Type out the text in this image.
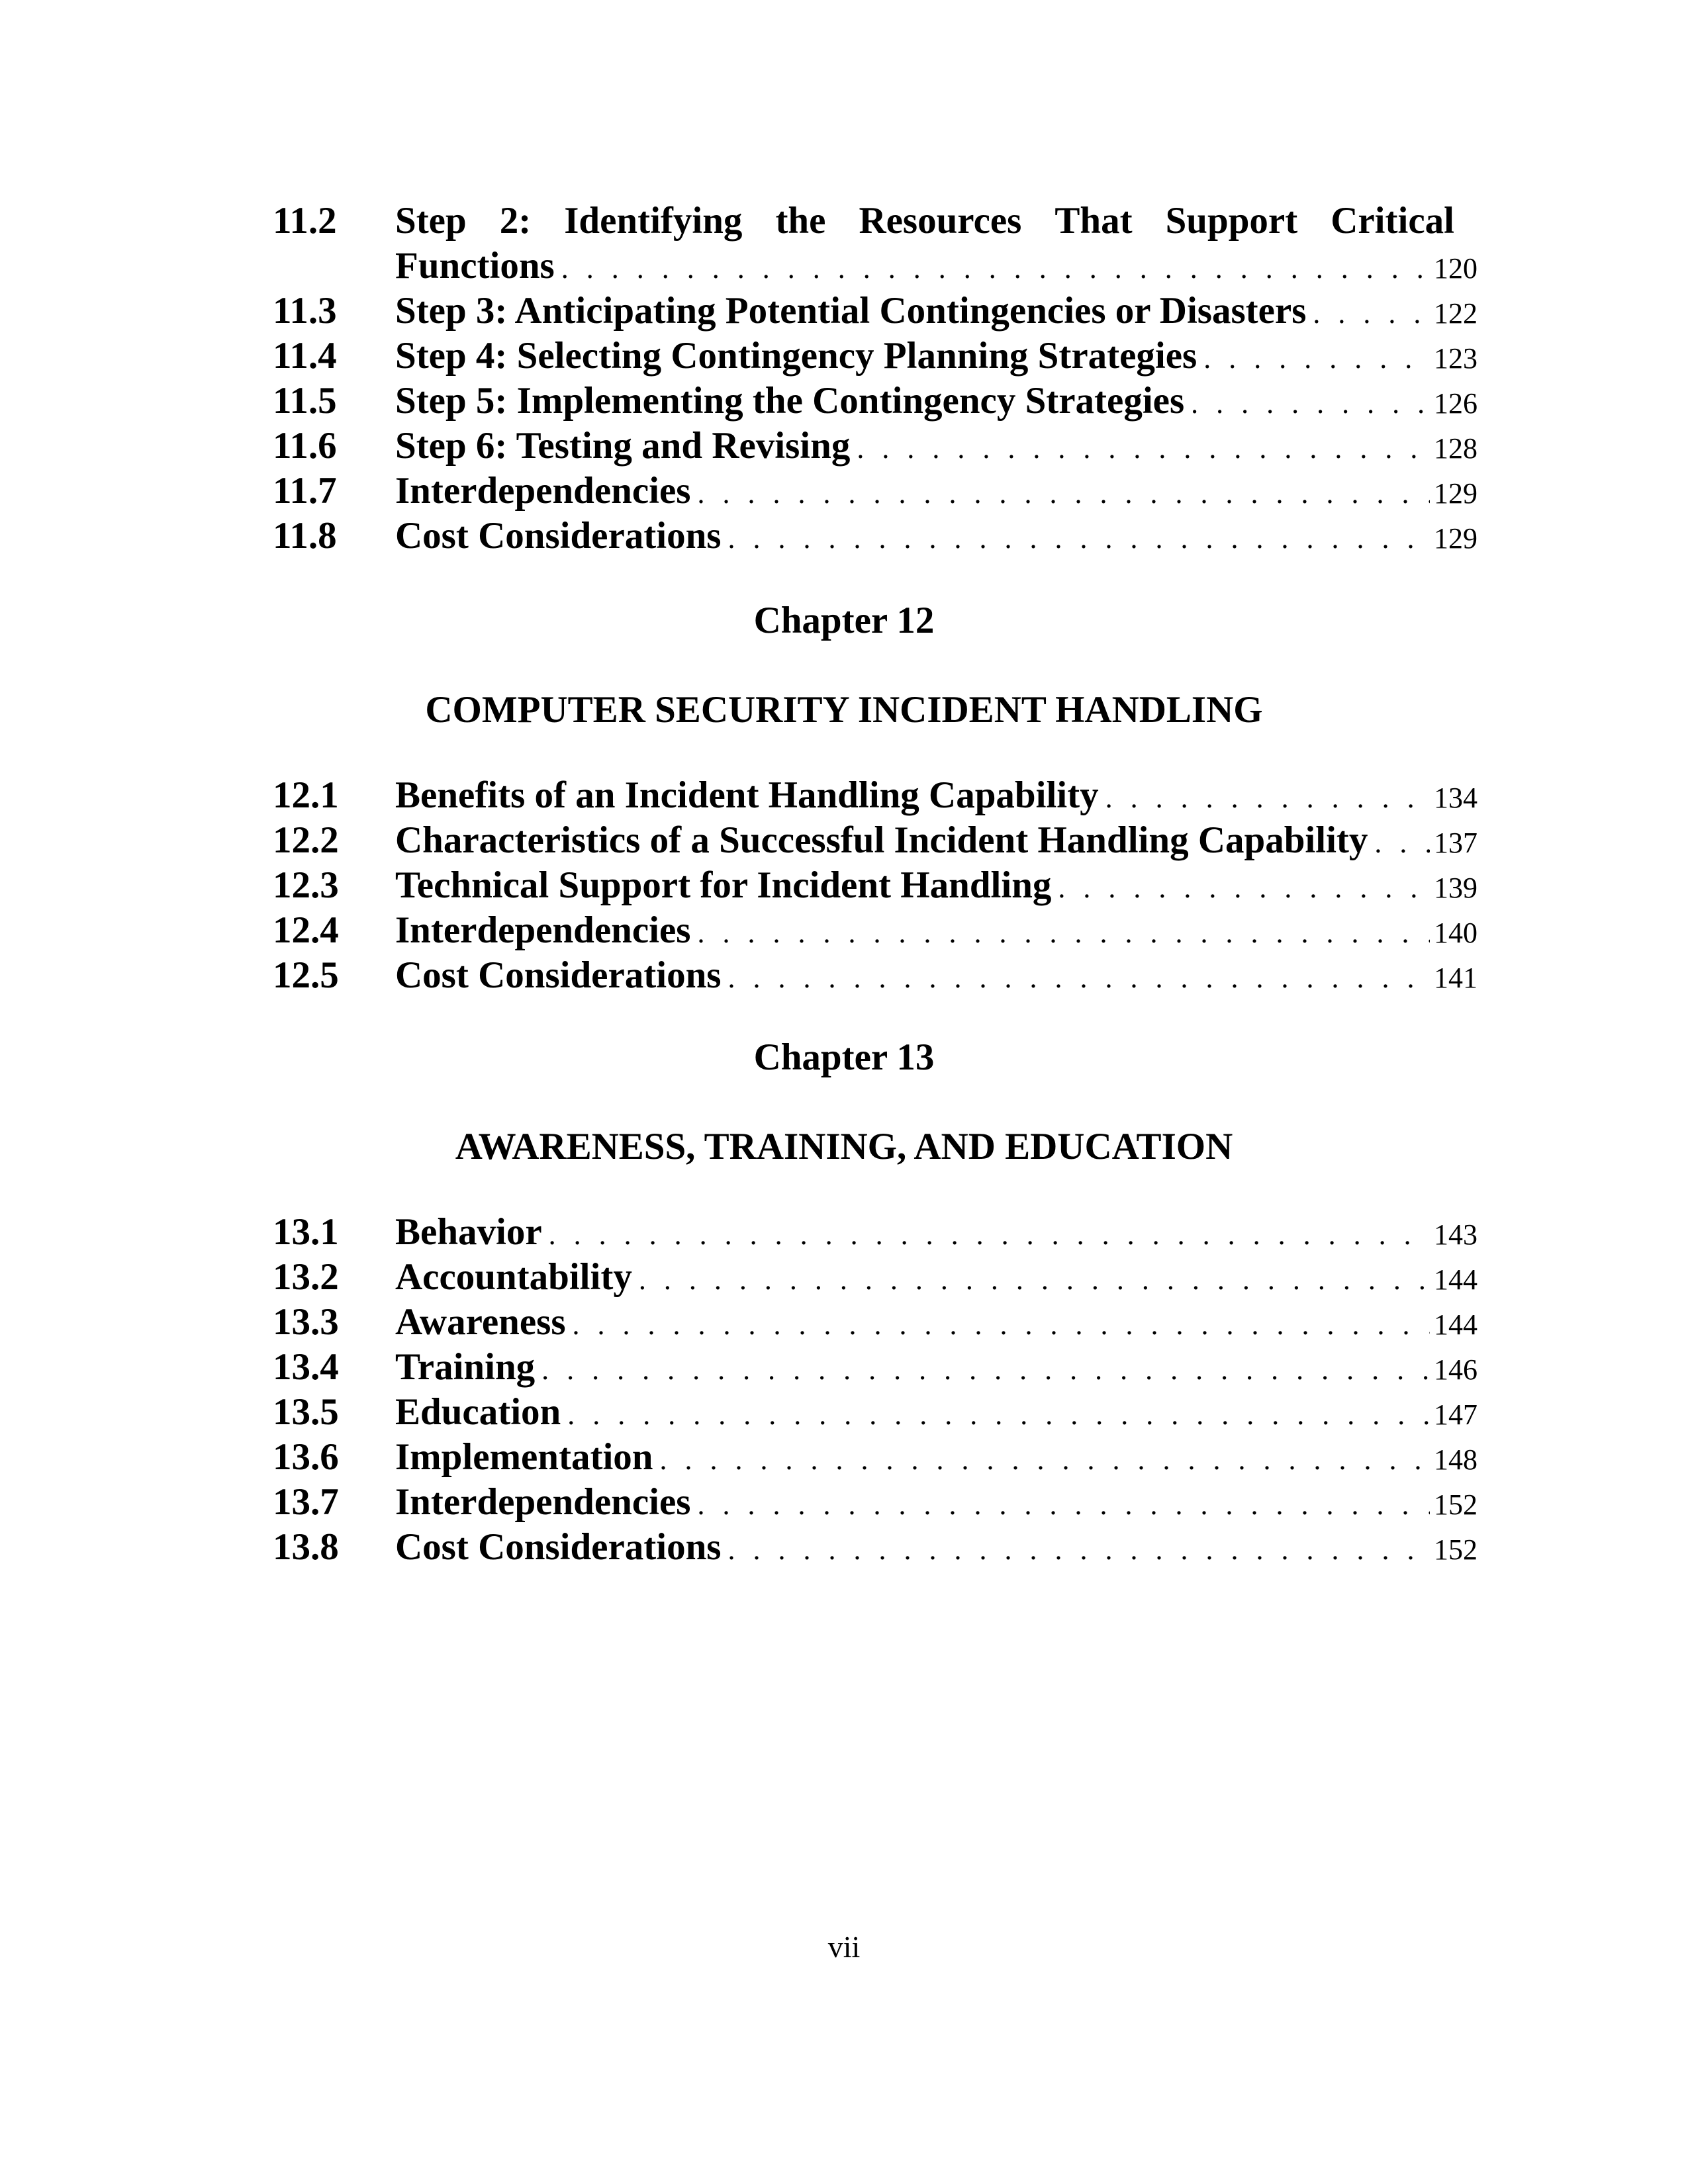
11.2	Step 2: Identifying the Resources That Support Critical
Functions . . .	120
11.3	Step 3: Anticipating Potential Contingencies or Disasters . . .	122
11.4	Step 4: Selecting Contingency Planning Strategies . . .	123
11.5	Step 5: Implementing the Contingency Strategies . . .	126
11.6	Step 6: Testing and Revising . . .	128
11.7	Interdependencies . . .	129
11.8	Cost Considerations . . .	129
Chapter 12
COMPUTER SECURITY INCIDENT HANDLING
12.1	Benefits of an Incident Handling Capability . . .	134
12.2	Characteristics of a Successful Incident Handling Capability . . . 137
12.3	Technical Support for Incident Handling . . .	139
12.4	Interdependencies . . .	140
12.5	Cost Considerations . . .	141
Chapter 13
AWARENESS, TRAINING, AND EDUCATION
13.1	Behavior . . .	143
13.2	Accountability . . .	144
13.3	Awareness . . .	144
13.4	Training . . .	146
13.5	Education . . .	147
13.6	Implementation . . .	148
13.7	Interdependencies . . .	152
13.8	Cost Considerations . . .	152
vii
